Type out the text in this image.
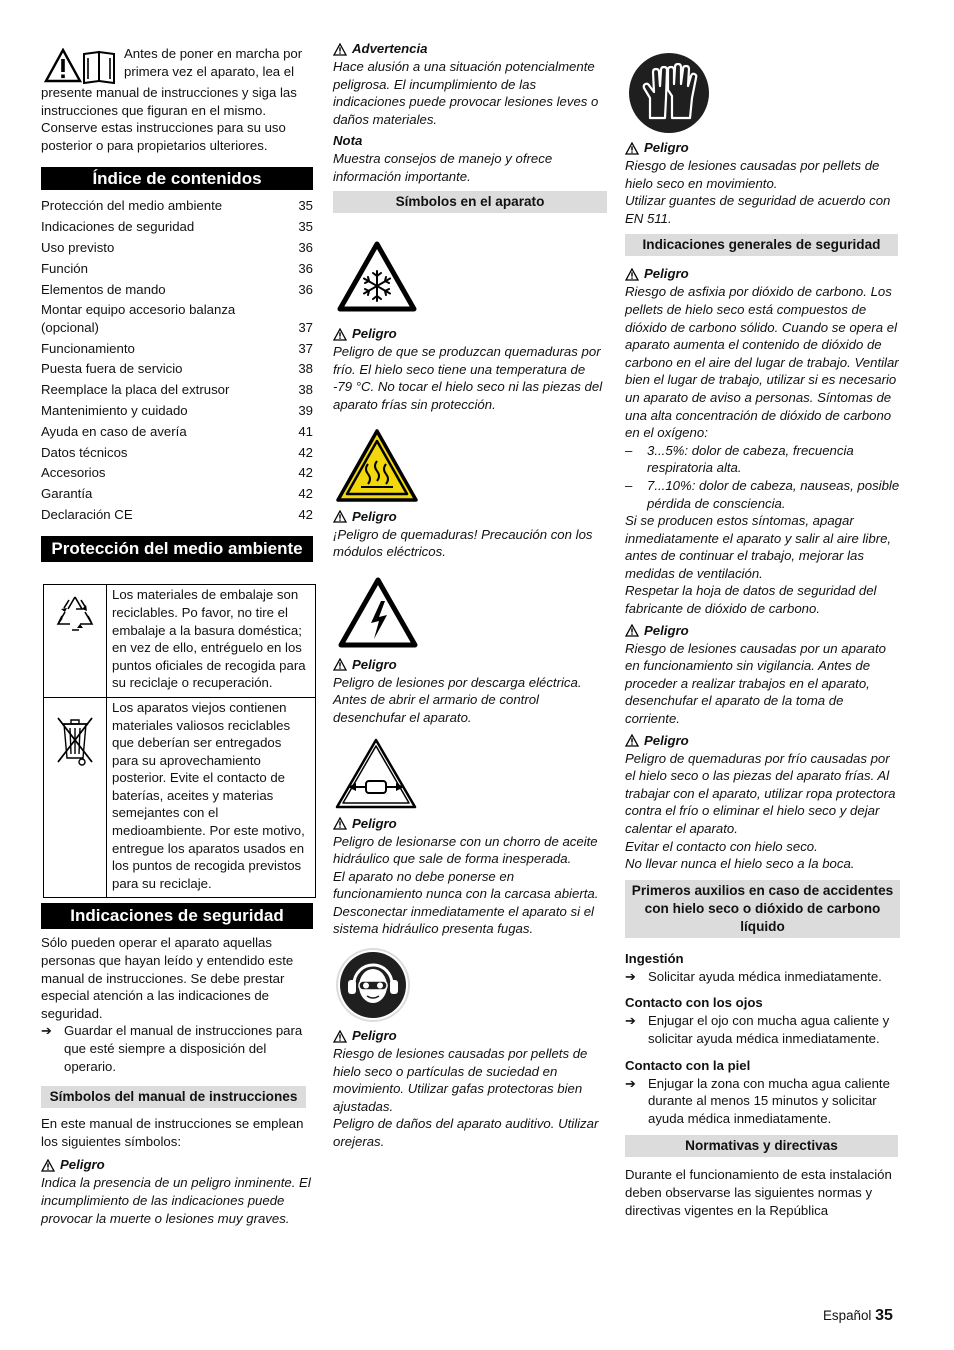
Antes de poner en marcha por

primera vez el aparato, lea el

presente manual de instrucciones y siga las instrucciones que figuran en el mismo. Conserve estas instrucciones para su uso posterior o para propietarios ulteriores.

Índice de contenidos
Protección del medio ambiente	35
Indicaciones de seguridad	35
Uso previsto	36
Función	36
Elementos de mando	36
Montar equipo accesorio balanza (opcional)	37
Funcionamiento	37
Puesta fuera de servicio	38
Reemplace la placa del extrusor	38
Mantenimiento y cuidado	39
Ayuda en caso de avería	41
Datos técnicos	42
Accesorios	42
Garantía	42
Declaración CE	42
Protección del medio ambiente
	Los materiales de embalaje son reciclables. Po favor, no tire el embalaje a la basura doméstica; en vez de ello, entréguelo en los puntos oficiales de recogida para su reciclaje o recuperación.
	Los aparatos viejos contienen materiales valiosos reciclables que deberían ser entregados para su aprovechamiento posterior. Evite el contacto de baterías, aceites y materias semejantes con el medioambiente. Por este motivo, entregue los aparatos usados en los puntos de recogida previstos para su reciclaje.
Indicaciones de seguridad

Sólo pueden operar el aparato aquellas personas que hayan leído y entendido este manual de instrucciones. Se debe prestar especial atención a las indicaciones de seguridad.

➔ Guardar el manual de instrucciones para que esté siempre a disposición del operario.
Símbolos del manual de instrucciones

En este manual de instrucciones se emplean los siguientes símbolos:

Peligro

Indica la presencia de un peligro inminente. El incumplimiento de las indicaciones puede provocar la muerte o lesiones muy graves.

Advertencia

Hace alusión a una situación potencialmente peligrosa. El incumplimiento de las indicaciones puede provocar lesiones leves o daños materiales.

Nota

Muestra consejos de manejo y ofrece información importante.

Símbolos en el aparato
Peligro

Peligro de que se produzcan quemaduras por frío. El hielo seco tiene una temperatura de -79 °C. No tocar el hielo seco ni las piezas del aparato frías sin protección.

Peligro

¡Peligro de quemaduras! Precaución con los módulos eléctricos.

Peligro

Peligro de lesiones por descarga eléctrica. Antes de abrir el armario de control desenchufar el aparato.

Peligro

Peligro de lesionarse con un chorro de aceite hidráulico que sale de forma inesperada.

El aparato no debe ponerse en funcionamiento nunca con la carcasa abierta. Desconectar inmediatamente el aparato si el sistema hidráulico presenta fugas.

Peligro

Riesgo de lesiones causadas por pellets de hielo seco o partículas de suciedad en movimiento. Utilizar gafas protectoras bien ajustadas.

Peligro de daños del aparato auditivo. Utilizar orejeras.

Peligro

Riesgo de lesiones causadas por pellets de hielo seco en movimiento.

Utilizar guantes de seguridad de acuerdo con EN 511.

Indicaciones generales de seguridad
Peligro

Riesgo de asfixia por dióxido de carbono. Los pellets de hielo seco está compuestos de dióxido de carbono sólido. Cuando se opera el aparato aumenta el contenido de dióxido de carbono en el aire del lugar de trabajo. Ventilar bien el lugar de trabajo, utilizar si es necesario un aparato de aviso a personas. Síntomas de una alta concentración de dióxido de carbono en el oxígeno:

–	3...5%: dolor de cabeza, frecuencia respiratoria alta.
–	7...10%: dolor de cabeza, nauseas, posible pérdida de consciencia.

Si se producen estos síntomas, apagar inmediatamente el aparato y salir al aire libre, antes de continuar el trabajo, mejorar las medidas de ventilación.

Respetar la hoja de datos de seguridad del fabricante de dióxido de carbono.

Peligro

Riesgo de lesiones causadas por un aparato en funcionamiento sin vigilancia. Antes de proceder a realizar trabajos en el aparato, desenchufar el aparato de la toma de corriente.

Peligro

Peligro de quemaduras por frío causadas por el hielo seco o las piezas del aparato frías. Al trabajar con el aparato, utilizar ropa protectora contra el frío o eliminar el hielo seco y dejar calentar el aparato.

Evitar el contacto con hielo seco.

No llevar nunca el hielo seco a la boca.

Primeros auxilios en caso de accidentes con hielo seco o dióxido de carbono líquido

Ingestión

➔ Solicitar ayuda médica inmediatamente.

Contacto con los ojos

➔ Enjugar el ojo con mucha agua caliente y solicitar ayuda médica inmediatamente.

Contacto con la piel

➔ Enjugar la zona con mucha agua caliente durante al menos 15 minutos y solicitar ayuda médica inmediatamente.
Normativas y directivas

Durante el funcionamiento de esta instalación deben observarse las siguientes normas y directivas vigentes en la República

Español 35
